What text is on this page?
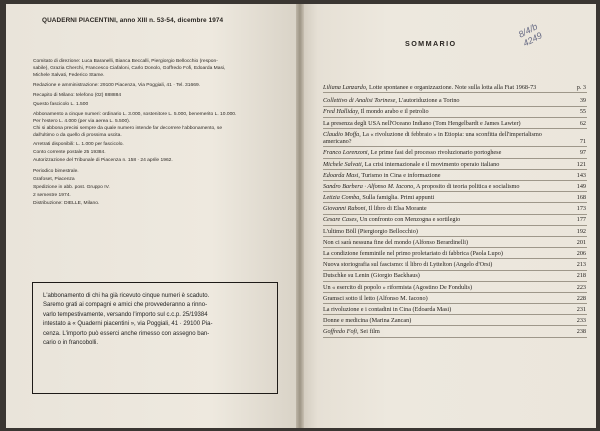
QUADERNI PIACENTINI, anno XIII n. 53-54, dicembre 1974
Comitato di direzione: Luca Baranelli, Bianca Beccalli, Piergiorgio Bellocchio (respon-
sabile), Grazia Cherchi, Francesco Ciafaloni, Carlo Donolo, Goffredo Fofi, Edoarda Masi,
Michele Salvati, Federico Stame.
Redazione e amministrazione: 29100 Piacenza, Via Poggiali, 41 · Tel. 31669.
Recapito di Milano: telefono (02) 888884
Questo fascicolo L. 1.500
Abbonamento a cinque numeri: ordinario L. 3.000, sostenitore L. 5.000, benemerito L. 10.000.
Per l'estero L. 4.000 (per via aerea L. 5.500).
Chi si abbona precisi sempre da quale numero intende far decorrere l'abbonamento, se
dall'ultimo o da quello di prossima uscita.
Arretrati disponibili: L. 1.000 per fascicolo.
Conto corrente postale 25 19384.
Autorizzazione del Tribunale di Piacenza n. 158 · 24 aprile 1962.
Periodico bimestrale.
Grafoset, Piacenza
Spedizione in abb. post. Gruppo IV.
2 semestre 1974.
Distribuzione: DIELLE, Milano.
L'abbonamento di chi ha già ricevuto cinque numeri è scaduto.
Saremo grati ai compagni e amici che provvederanno a rinno-
varlo tempestivamente, versando l'importo sul c.c.p. 25/19384
intestato a « Quaderni piacentini », via Poggiali, 41 · 29100 Pia-
cenza. L'importo può esserci anche rimesso con assegno ban-
cario o in francobolli.
8/4/b 4249
SOMMARIO
Liliana Lanzardo, Lotte spontanee e organizzazione. Note sulla lotta alla Fiat 1968-73	p. 3
Collettivo di Analisi Torinese, L'autoriduzione a Torino	39
Fred Halliday, Il mondo arabo e il petrolio	55
La presenza degli USA nell'Oceano Indiano (Tom Hengelbardt e James Lawter)	62
Claudio Moffa, La « rivoluzione di febbraio » in Etiopia: una sconfitta dell'imperialismo americano?	71
Franco Lorenzoni, Le prime fasi del processo rivoluzionario portoghese	97
Michele Salvati, La crisi internazionale e il movimento operaio italiano	121
Edoarda Masi, Turismo in Cina e informazione	143
Sandro Barbera · Alfonso M. Iacono, A proposito di teoria politica e socialismo	149
Letizia Comba, Sulla famiglia. Primi appunti	168
Giovanni Raboni, Il libro di Elsa Morante	173
Cesare Cases, Un confronto con Menzogna e sortilegio	177
L'ultimo Böll (Piergiorgio Bellocchio)	192
Non ci sarà nessuna fine del mondo (Alfonso Berardinelli)	201
La condizione femminile nel primo proletariato di fabbrica (Paola Lupo)	206
Nuova storiografia sul fascismo: il libro di Lyttelton (Angelo d'Orsi)	213
Dutschke su Lenin (Giorgio Backhaus)	218
Un « esercito di popolo » riformista (Agostino De Fondulis)	223
Gramsci sotto il letto (Alfonso M. Iacono)	228
La rivoluzione e i contadini in Cina (Edoarda Masi)	231
Donne e medicina (Marina Zancan)	233
Goffredo Fofi, Sei film	238
